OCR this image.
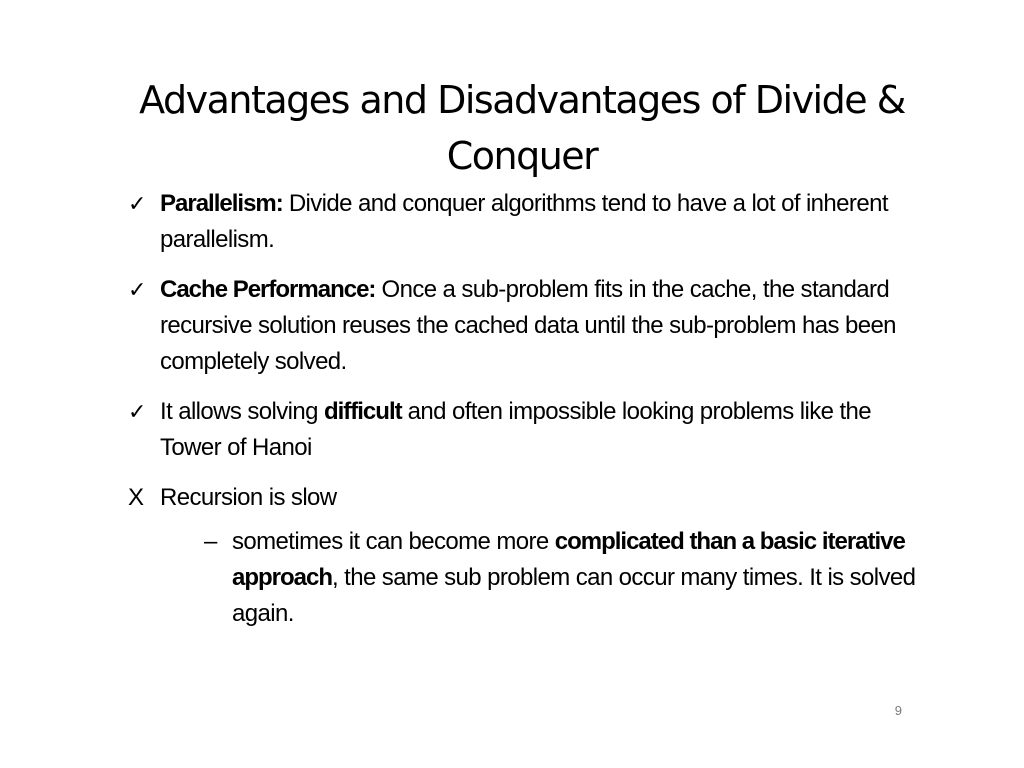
Advantages and Disadvantages of Divide &
Conquer
✓ Parallelism: Divide and conquer algorithms tend to have a lot of inherent parallelism.
✓ Cache Performance: Once a sub-problem fits in the cache, the standard recursive solution reuses the cached data until the sub-problem has been completely solved.
✓ It allows solving difficult and often impossible looking problems like the Tower of Hanoi
X Recursion is slow
– sometimes it can become more complicated than a basic iterative approach, the same sub problem can occur many times. It is solved again.
9
